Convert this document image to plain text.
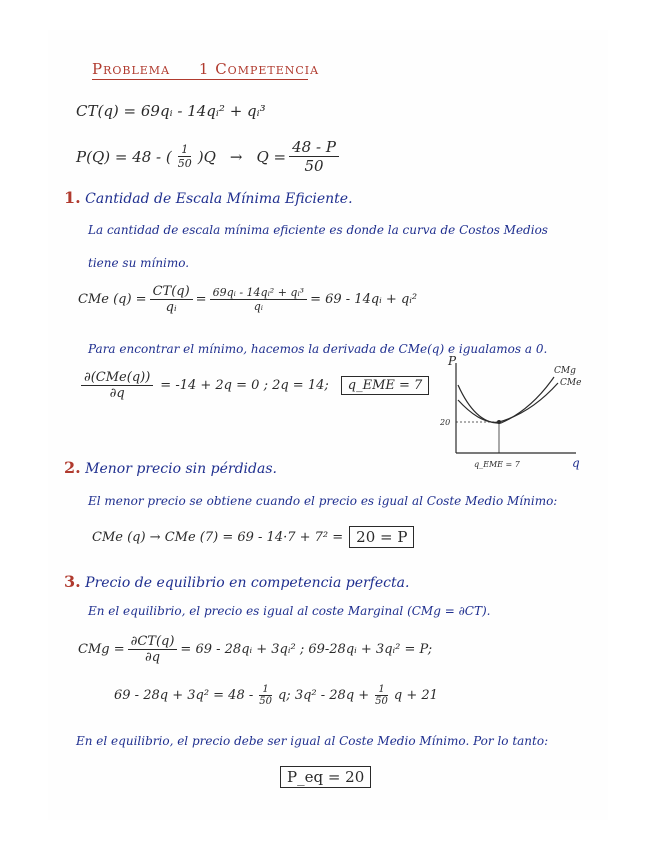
Problema 1 Competencia
CT(q) = 69qᵢ - 14qᵢ² + qᵢ³
P(Q) = 48 - ( $\frac{1}{50} )Q \to Q = \frac{48 - P}{50}$
1. Cantidad de Escala Mínima Eficiente.
La cantidad de escala mínima eficiente es donde la curva de Costos Medios
tiene su mínimo.
CMe $(q) = \frac{CT(q)}{\text{qᵢ}} = \frac{\text{69qᵢ - 14qᵢ² + qᵢ³}}{\text{qᵢ}} = 69$ - 14qᵢ + qᵢ²
Para encontrar el mínimo, hacemos la derivada de CMe(q) e igualamos a 0.
$\frac{\text{∂(CMe(q))}}{\partial q} = -14 + 2q = 0$ ; 2q = 14;	q_EME = 7
P
q
CMg
CMe
20
q_EME = 7
2. Menor precio sin pérdidas.
El menor precio se obtiene cuando el precio es igual al Coste Medio Mínimo:
CMe (q) → CMe (7) = 69 - 14·7 + 7² = 20 = P
3. Precio de equilibrio en competencia perfecta.
En el equilibrio, el precio es igual al coste Marginal (CMg = ∂CT).
CMg = $\frac{\partial CT(q)}{\partial q} = 69$ - 28qᵢ + 3qᵢ² ; 69-28qᵢ + 3qᵢ² = P;
$69 - 28q + 3q^2 = 48 - \frac{1}{50} q$; $3q^2 - 28q + \frac{1}{50}$ q + 21
En el equilibrio, el precio debe ser igual al Coste Medio Mínimo. Por lo tanto:
P_eq = 20
